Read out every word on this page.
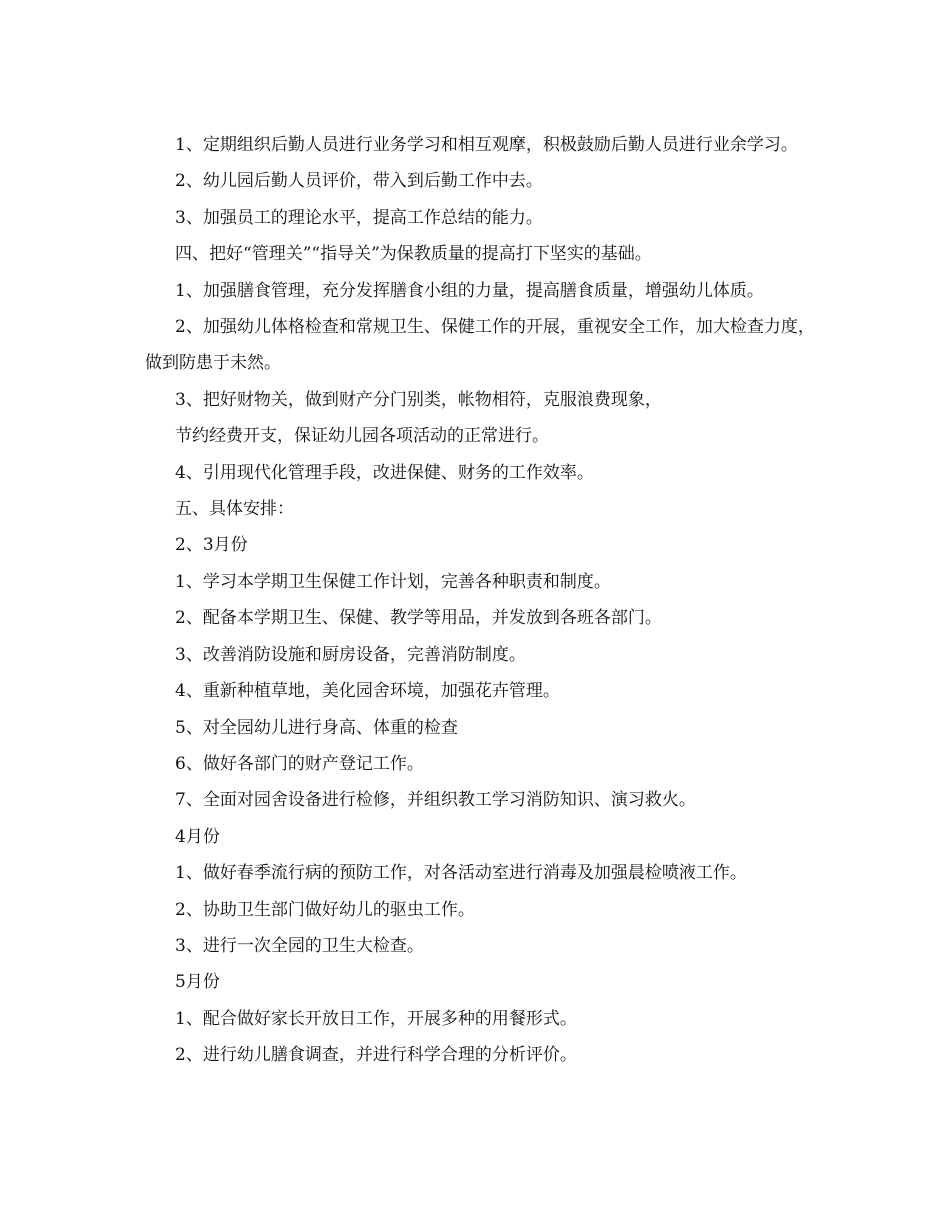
1、定期组织后勤人员进行业务学习和相互观摩，积极鼓励后勤人员进行业余学习。

2、幼儿园后勤人员评价，带入到后勤工作中去。

3、加强员工的理论水平，提高工作总结的能力。

四、把好“管理关”“指导关”为保教质量的提高打下坚实的基础。

1、加强膳食管理，充分发挥膳食小组的力量，提高膳食质量，增强幼儿体质。

2、加强幼儿体格检查和常规卫生、保健工作的开展，重视安全工作，加大检查力度，做到防患于未然。

3、把好财物关，做到财产分门别类，帐物相符，克服浪费现象，

节约经费开支，保证幼儿园各项活动的正常进行。

4、引用现代化管理手段，改进保健、财务的工作效率。

五、具体安排：

2、3月份

1、学习本学期卫生保健工作计划，完善各种职责和制度。

2、配备本学期卫生、保健、教学等用品，并发放到各班各部门。

3、改善消防设施和厨房设备，完善消防制度。

4、重新种植草地，美化园舍环境，加强花卉管理。

5、对全园幼儿进行身高、体重的检查

6、做好各部门的财产登记工作。

7、全面对园舍设备进行检修，并组织教工学习消防知识、演习救火。

4月份

1、做好春季流行病的预防工作，对各活动室进行消毒及加强晨检喷液工作。

2、协助卫生部门做好幼儿的驱虫工作。

3、进行一次全园的卫生大检查。

5月份

1、配合做好家长开放日工作，开展多种的用餐形式。

2、进行幼儿膳食调查，并进行科学合理的分析评价。
